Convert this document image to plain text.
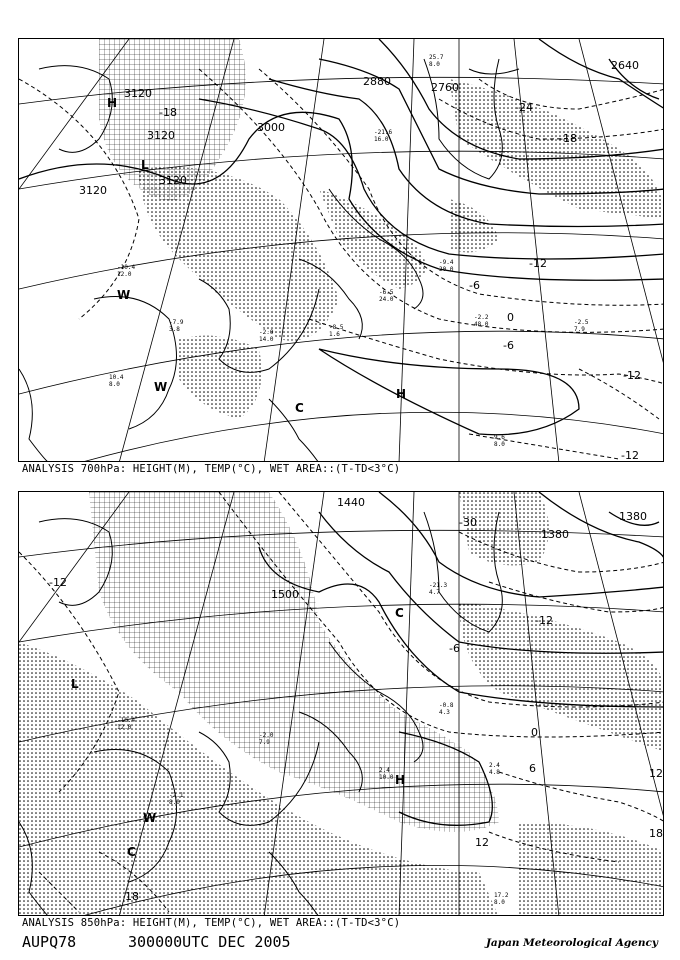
-10.4
12.0
-7.9
3.8	-2.0
14.0
-8.5
1.6
-6.5
24.0
-9.4
20.0
-2.2
48.0	-2.5
7.9
9.6
8.0
25.7
8.0
-21.6
16.0
10.4
8.0
3120
3120
3120
3120
3000
2880	2760
2640
-24
-18
-12
-6
0
-6
-12
-12
-18
H
L
W
W
C
H
ANALYSIS 700hPa: HEIGHT(M), TEMP(°C), WET AREA::(T-TD<3°C)
-10.4
12.0
-2.0
7.9
2.4
10.0
-0.8
4.3
2.4
4.8
17.2
8.0
-21.3
4.7
-2.1
8.0
1500
1440
1380
1380
-30
-12
-12
-6
0
6
12
12
18
18
L
C
H
W
C
ANALYSIS 850hPa: HEIGHT(M), TEMP(°C), WET AREA::(T-TD<3°C)
AUPQ78	300000UTC DEC 2005	Japan Meteorological Agency
